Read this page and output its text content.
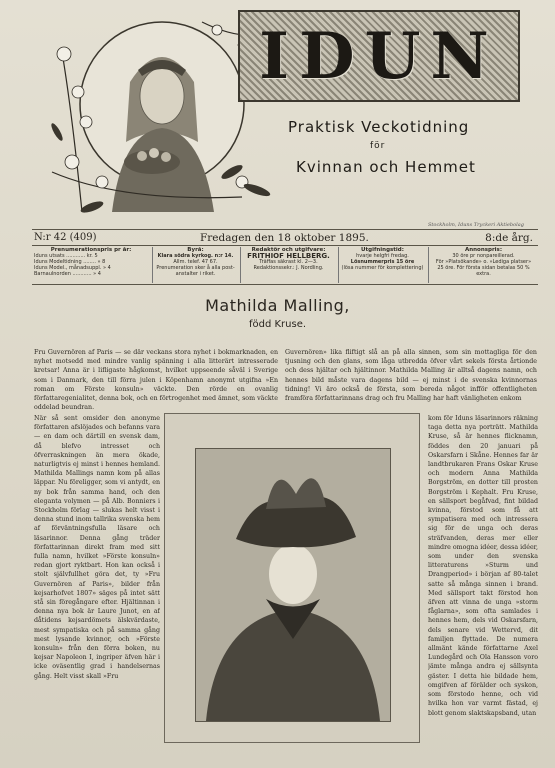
IDUN
Praktisk Veckotidning
för
Kvinnan och Hemmet
Stockholm, Iduns Tryckeri Aktiebolag
N:r 42 (409)	Fredagen den 18 oktober 1895.	8:de årg.
Prenumerationspris pr år:
Iduns utsats ............ kr. 5
Iduns Modeltidning ........ » 8
Iduns Model., månadsuppl. » 4
Barnaulnorden ............ » 4
Byrå:
Klara södra kyrkog. n:r 14.
Allm. telef. 47 67.
Prenumeration sker å alla post-
anstalter i riket.
Redaktör och utgifvare:
FRITHIOF HELLBERG.
Träffas säkrast kl. 2—3.
Redaktionssekr.: J. Nordling.
Utgifningstid:
hvarje helgfri fredag.
Lösnummerpris 15 öre
(lösa nummer för komplettering)
Annonspris:
30 öre pr nonpareillerad.
För »Platsökande» o. »Lediga platser»
25 öre. För första sidan betalas 50 %
extra.
Mathilda Malling,
född Kruse.
Fru Guvernören af Paris — se där veckans stora nyhet i bokmarknaden, en nyhet motsedd med mindre vanlig spänning i alla litterärt intresserade kretsar! Anna är i lifligaste hågkomst, hvilket uppseende såväl i Sverige som i Danmark, den till förra julen i Köpenhamn anonymt utgifna »En roman om Förste konsuln» väckte. Den rörde en ovanlig författaregenialitet, denna bok, och en förtrogenhet med ämnet, som väckte oddelad beundran.
Guvernören» lika fliftigt slå an på alla sinnen, som sin mottagliga för den tjusning och den glans, som låga utbredda öfver vårt sekels första årtionde och dess hjältar och hjältinnor. Mathilda Malling är alltså dagens namn, och hennes bild måste vara dagens bild — ej minst i de svenska kvinnornas tidning! Vi äro också de första, som bereda något infför offentligheten framföra författarinnans drag och fru Malling har haft vänligheten enkom
När så sent omsider den anonyme författaren afslöjades och befanns vara — en dam och därtill en svensk dam, då blefvo intresset och öfverraskningen än mera ökade, naturligtvis ej minst i hennes hemland. Mathilda Mallings namn kom på allas läppar. Nu föreligger, som vi antydt, en ny bok från samma hand, och den eleganta volymen — på Alb. Bonniers i Stockholm förlag — slukas helt visst i denna stund inom tallrika svenska hem af förväntningsfulla läsare och läsarinnor. Denna gång träder författarinnan direkt fram med sitt fulla namn, hvilket »Förste konsuln» redan gjort ryktbart. Hon kan också i stolt självfullhet göra det, ty »Fru Guvernören af Paris», bilder från kejsarhofvet 1807» säges på intet sätt stå sin föregångare efter. Hjältinnan i denna nya bok är Laure Junot, en af dåtidens kejsardömets älskvärdaste, mest sympatiska och på samma gång mest lysande kvinnor, och »Förste konsuln» från den förra boken, nu kejsar Napoleon I, ingriper äfven här i icke oväsentlig grad i handelsernas gång. Helt visst skall »Fru
kom för Iduns läsarinnors räkning taga detta nya porträtt. Mathilda Kruse, så är hennes flicknamn, föddes den 20 januari på Oskarsfarn i Skåne. Hennes far är landtbrukaren Frans Oskar Kruse och modern Anna Mathilda Borgström, en dotter till prosten Borgström i Kephalt. Fru Kruse, en sällsport begåfvad, fint bildad kvinna, förstod som få att sympatisera med och intressera sig för de unga och deras sträfvanden, deras mer eller mindre omogna idéer, dessa idéer, som under den svenska litteraturens »Sturm und Drangperiod» i början af 80-talet satte så många sinnen i brand. Med sällsport takt förstod hon äfven att vinna de unga »storm fåglarna», som ofta samlades i hennes hem, dels vid Oskarsfarn, dels senare vid Wettervd, dit familjen flyttade. De numera allmänt kände författarne Axel Lundegård och Ola Hansson voro jämte många andra ej sällsynta gäster. I detta hie bildade hem, omgifven af förälder och syskon, som förstodo henne, och vid hvilka hon var varmt fästad, ej blott genom slaktskapsband, utan
